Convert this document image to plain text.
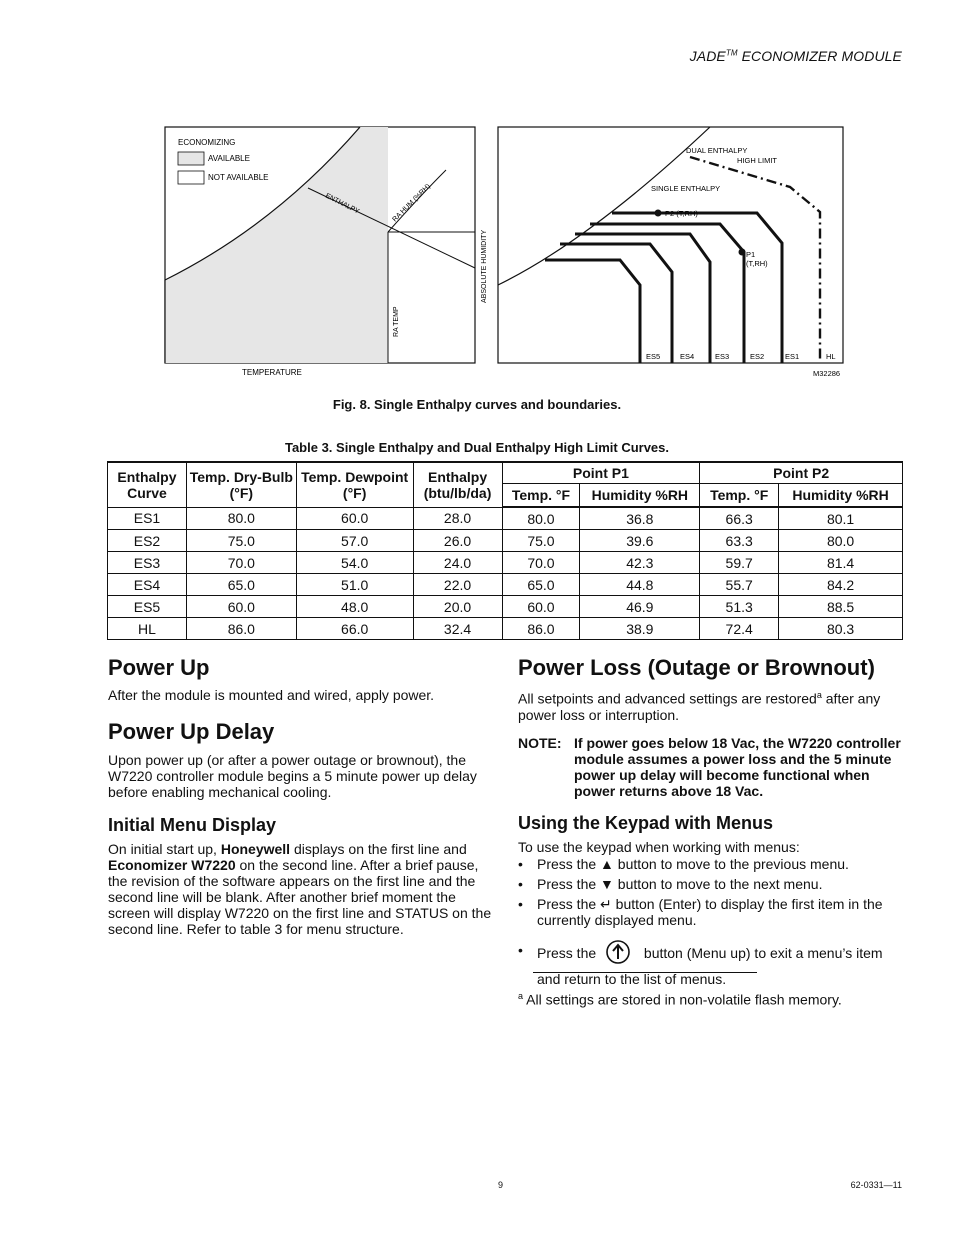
JADE™ ECONOMIZER MODULE
ECONOMIZING
AVAILABLE
NOT AVAILABLE
ENTHALPY	RA HUM (%RH)
ABSOLUTE HUMIDITY
RA TEMP
TEMPERATURE
DUAL ENTHALPY
HIGH LIMIT
SINGLE ENTHALPY
P2 (T,RH)
P1
(T,RH)
ES5	ES4	ES3	ES2	ES1	HL
M32286
Fig. 8. Single Enthalpy curves and boundaries.
Table 3. Single Enthalpy and Dual Enthalpy High Limit Curves.
Enthalpy Curve	Temp. Dry-Bulb (°F)	Temp. Dewpoint (°F)	Enthalpy (btu/lb/da)	Point P1		Point P2	
				Temp. °F	Humidity %RH	Temp. °F	Humidity %RH
ES1	80.0	60.0	28.0	80.0	36.8	66.3	80.1
ES2	75.0	57.0	26.0	75.0	39.6	63.3	80.0
ES3	70.0	54.0	24.0	70.0	42.3	59.7	81.4
ES4	65.0	51.0	22.0	65.0	44.8	55.7	84.2
ES5	60.0	48.0	20.0	60.0	46.9	51.3	88.5
HL	86.0	66.0	32.4	86.0	38.9	72.4	80.3
Power Up

After the module is mounted and wired, apply power.

Power Up Delay

Upon power up (or after a power outage or brownout), the W7220 controller module begins a 5 minute power up delay before enabling mechanical cooling.

Initial Menu Display

On initial start up, Honeywell displays on the first line and Economizer W7220 on the second line. After a brief pause, the revision of the software appears on the first line and the second line will be blank. After another brief moment the screen will display W7220 on the first line and STATUS on the second line. Refer to table 3 for menu structure.

Power Loss (Outage or Brownout)

All setpoints and advanced settings are restored$^a$ after any power loss or interruption.

NOTE: If power goes below 18 Vac, the W7220 controller module assumes a power loss and the 5 minute power up delay will become functional when power returns above 18 Vac.
Using the Keypad with Menus

To use the keypad when working with menus:

• Press the ▲ button to move to the previous menu.
• Press the ▼ button to move to the next menu.
• Press the ↵ button (Enter) to display the first item in the currently displayed menu.
• Press the	button (Menu up) to exit a menu’s item and return to the list of menus.
$^a$ All settings are stored in non-volatile flash memory.
9	62-0331—11
